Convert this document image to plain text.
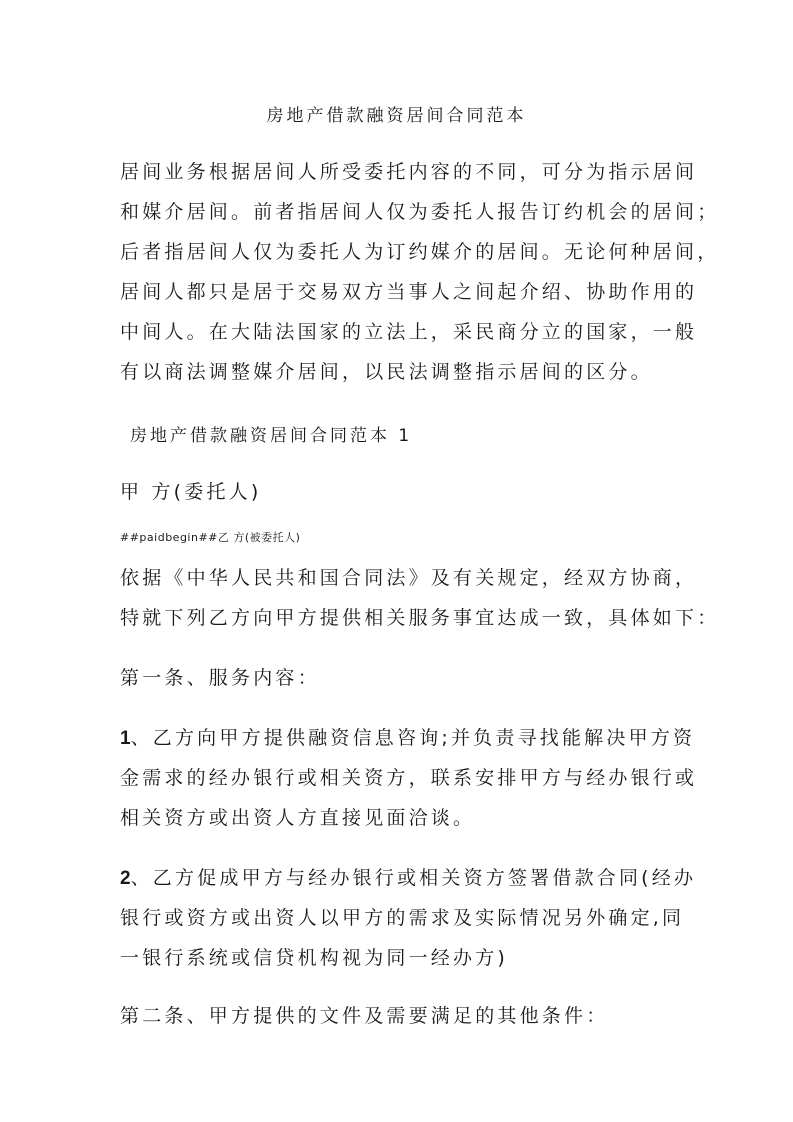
房地产借款融资居间合同范本
居间业务根据居间人所受委托内容的不同，可分为指示居间
和媒介居间。前者指居间人仅为委托人报告订约机会的居间；
后者指居间人仅为委托人为订约媒介的居间。无论何种居间，
居间人都只是居于交易双方当事人之间起介绍、协助作用的
中间人。在大陆法国家的立法上，采民商分立的国家，一般
有以商法调整媒介居间，以民法调整指示居间的区分。
房地产借款融资居间合同范本 1
甲 方(委托人)
##paidbegin##乙 方(被委托人)
依据《中华人民共和国合同法》及有关规定，经双方协商，
特就下列乙方向甲方提供相关服务事宜达成一致，具体如下：
第一条、服务内容：
1、乙方向甲方提供融资信息咨询;并负责寻找能解决甲方资
金需求的经办银行或相关资方，联系安排甲方与经办银行或
相关资方或出资人方直接见面洽谈。
2、乙方促成甲方与经办银行或相关资方签署借款合同(经办
银行或资方或出资人以甲方的需求及实际情况另外确定,同
一银行系统或信贷机构视为同一经办方)
第二条、甲方提供的文件及需要满足的其他条件：
